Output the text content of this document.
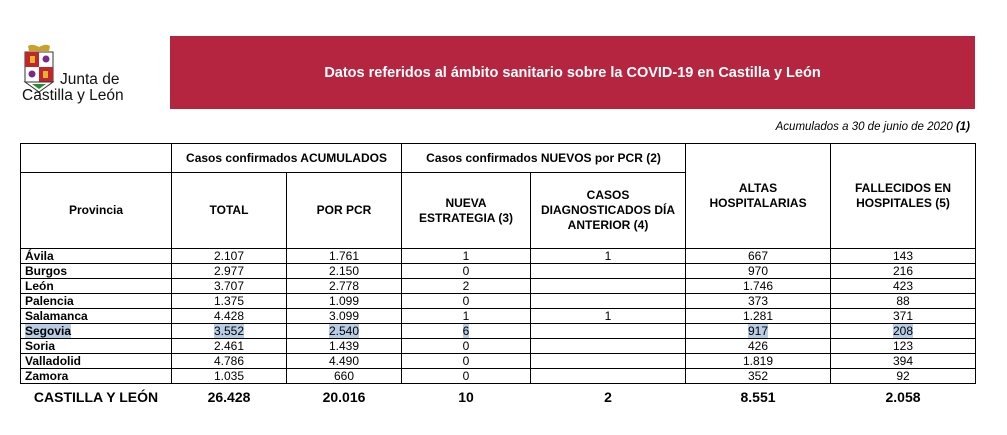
Junta de
Castilla y León
Datos referidos al ámbito sanitario sobre la COVID-19 en Castilla y León
Acumulados a 30 de junio de 2020 (1)
	Casos confirmados ACUMULADOS		Casos confirmados NUEVOS por PCR (2)		ALTAS HOSPITALARIAS	FALLECIDOS EN HOSPITALES (5)
Provincia	TOTAL	POR PCR	NUEVA ESTRATEGIA (3)	CASOS DIAGNOSTICADOS DÍA ANTERIOR (4)		
Ávila	2.107	1.761	1	1	667	143
Burgos	2.977	2.150	0		970	216
León	3.707	2.778	2		1.746	423
Palencia	1.375	1.099	0		373	88
Salamanca	4.428	3.099	1	1	1.281	371
Segovia	3.552	2.540	6		917	208
Soria	2.461	1.439	0		426	123
Valladolid	4.786	4.490	0		1.819	394
Zamora	1.035	660	0		352	92
CASTILLA Y LEÓN	26.428	20.016	10	2	8.551	2.058
